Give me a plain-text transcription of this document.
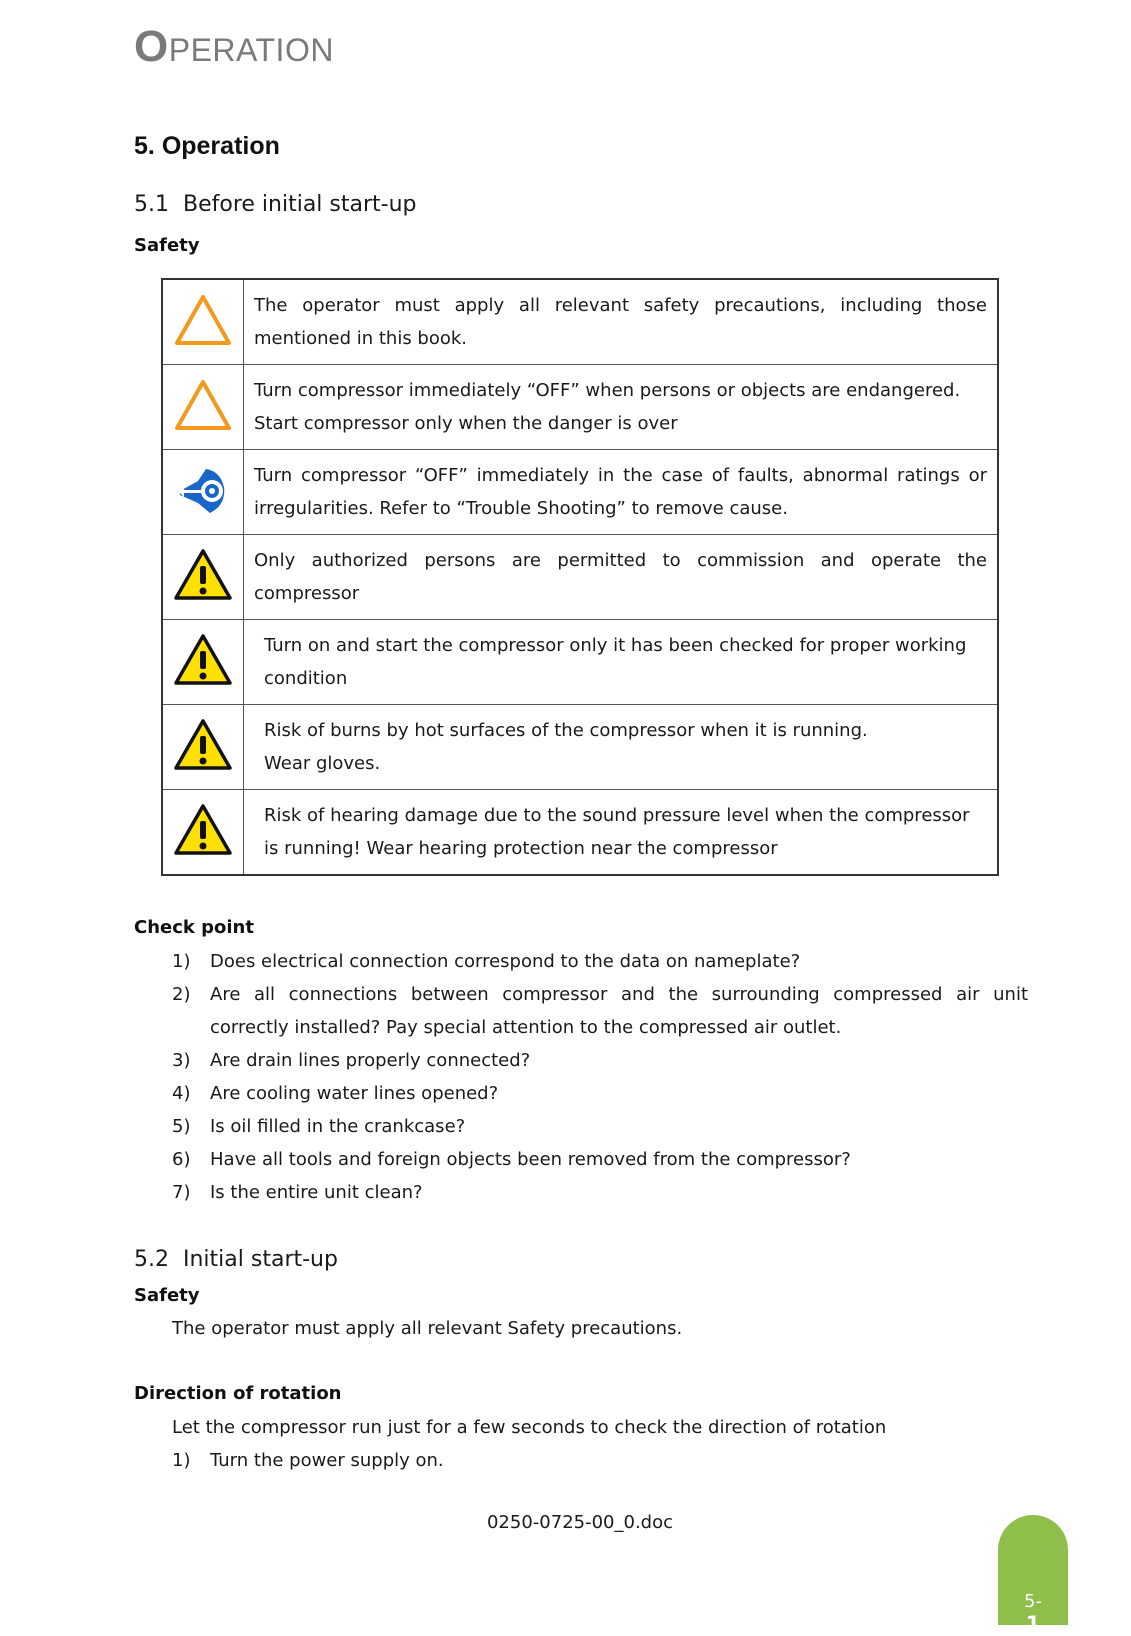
OPERATION
5. Operation
5.1 Before initial start-up
Safety
	The operator must apply all relevant safety precautions, including those mentioned in this book.

Turn compressor immediately “OFF” when persons or objects are endangered.
Start compressor only when the danger is over

	Turn compressor “OFF” immediately in the case of faults, abnormal ratings or irregularities. Refer to “Trouble Shooting” to remove cause.
	Only authorized persons are permitted to commission and operate the compressor
	Turn on and start the compressor only it has been checked for proper working condition

Risk of burns by hot surfaces of the compressor when it is running.
Wear gloves.

	Risk of hearing damage due to the sound pressure level when the compressor is running! Wear hearing protection near the compressor
Check point
1) Does electrical connection correspond to the data on nameplate?
2) Are all connections between compressor and the surrounding compressed air unit correctly installed? Pay special attention to the compressed air outlet.
3) Are drain lines properly connected?
4) Are cooling water lines opened?
5) Is oil filled in the crankcase?
6) Have all tools and foreign objects been removed from the compressor?
7) Is the entire unit clean?
5.2 Initial start-up
Safety
The operator must apply all relevant Safety precautions.
Direction of rotation
Let the compressor run just for a few seconds to check the direction of rotation
1) Turn the power supply on.
0250-0725-00_0.doc
5-
1
